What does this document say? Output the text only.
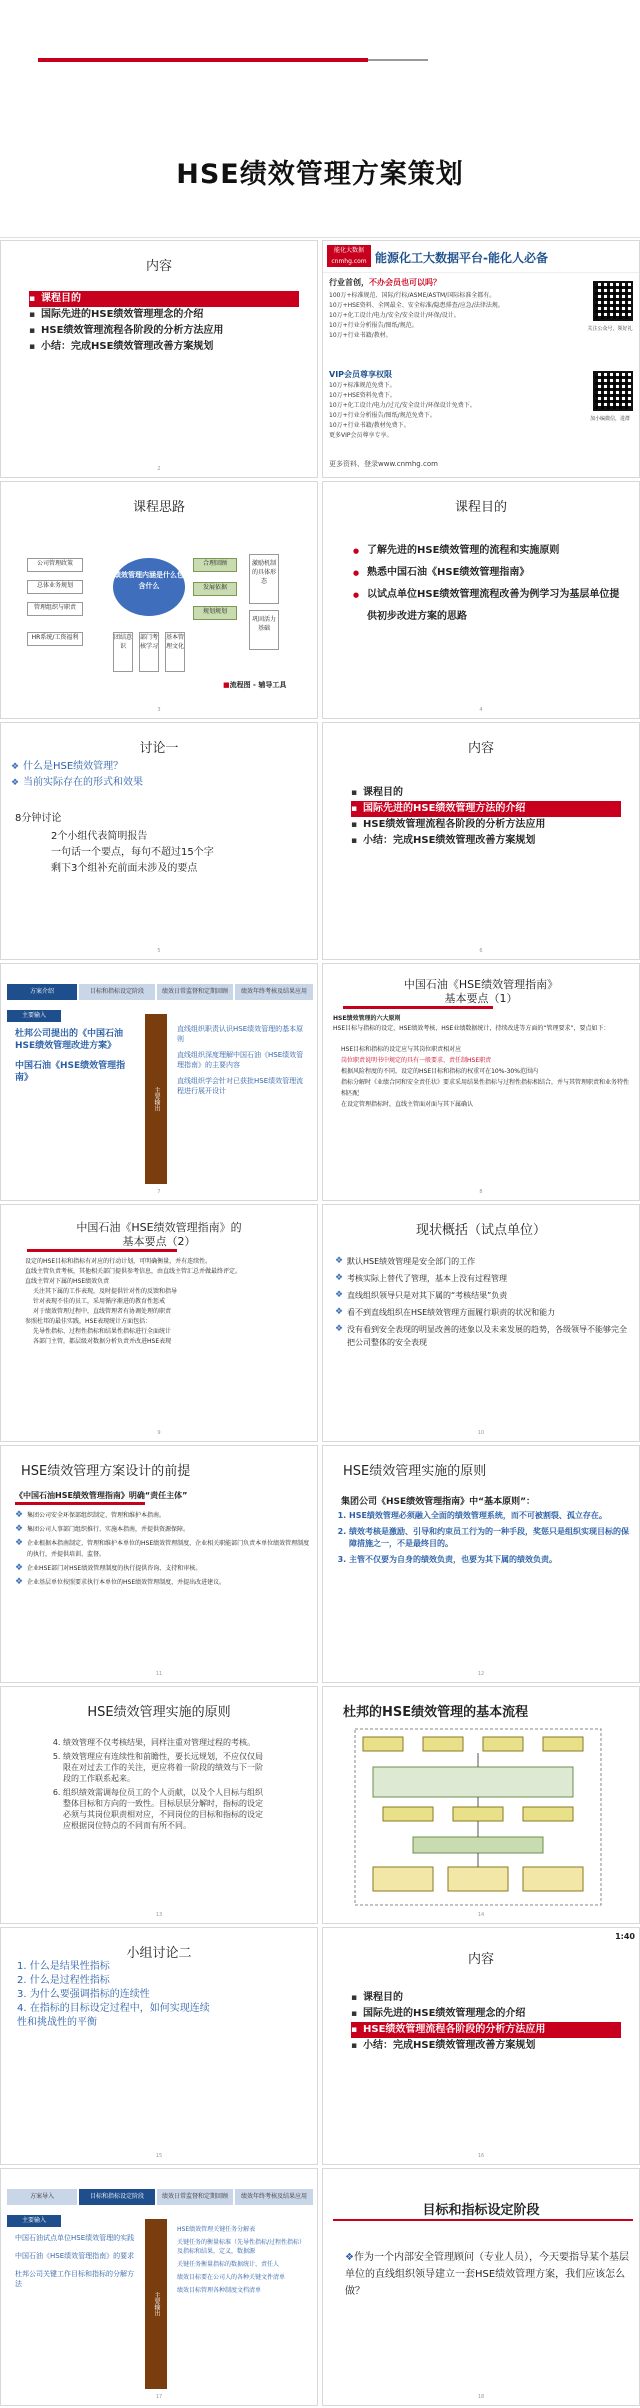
HSE绩效管理方案策划
内容
▪ 课程目的
▪ 国际先进的HSE绩效管理理念的介绍
▪ HSE绩效管理流程各阶段的分析方法应用
▪ 小结：完成HSE绩效管理改善方案规划
2
能化大数据
cnmhg.com 能源化工大数据平台-能化人必备
行业首创，不办会员也可以吗？
100万+标准规范、国际/行标/ASME/ASTM/国际标准全都有。
10万+HSE资料、全网最全、安全标准/隐患排查/应急/法律法规。
10万+化工设计/电力/安全/安全设计/环保/设计。
10万+行业分析报告/图纸/规范。
10万+行业书籍/教材。
关注公众号，领好礼
VIP会员尊享权限
10万+标准规范免费下。
10万+HSE资料免费下。
10万+化工设计/电力/过元/安全设计/环保设计免费下。
10万+行业分析报告/图纸/规范免费下。
10万+行业书籍/教材免费下。
更多VIP会员尊享专享。
加小编微信，进群
更多资料、登录www.cnmhg.com
课程思路
公司管理政策
总体业务规划
管理组织与职责
HR系统/工资福利
绩效管理内涵是什么包含什么
合理回顾
发展依据
规划规划
激励机制的具体形态
巩固活力基础
团结意识
部门考核学习
基本管理文化
■流程图 - 辅导工具
3
课程目的
● 了解先进的HSE绩效管理的流程和实施原则
● 熟悉中国石油《HSE绩效管理指南》
● 以试点单位HSE绩效管理流程改善为例学习为基层单位提供初步改进方案的思路
4
讨论一
❖ 什么是HSE绩效管理？
❖ 当前实际存在的形式和效果
8分钟讨论
2个小组代表简明报告
一句话一个要点，每句不超过15个字
剩下3个组补充前面未涉及的要点
5
内容
▪ 课程目的
▪ 国际先进的HSE绩效管理方法的介绍
▪ HSE绩效管理流程各阶段的分析方法应用
▪ 小结：完成HSE绩效管理改善方案规划
6
方案介绍	目标和指标设定阶段	绩效日常监督和定期回顾	绩效年终考核及结果应用
主要输入
主要输出
杜邦公司提出的《中国石油HSE绩效管理改进方案》
中国石油《HSE绩效管理指南》
直线组织职责认识HSE绩效管理的基本原则
直线组织深度理解中国石油《HSE绩效管理指南》的主要内容
直线组织学会针对已获批HSE绩效管理流程进行展开设计
7
中国石油《HSE绩效管理指南》
基本要点（1）
HSE绩效管理的六大原则
HSE目标与指标的设定，HSE绩效考核，HSE业绩数据统计，持续改进等方面的“管理要求”，要点如下：
HSE目标和指标的设定应与其岗位职责相对应
岗位职责说明书中规定的具有一般要求、责任制HSE职责
根据风险程度的不同，设定的HSE目标和指标的权重可在10%-30%范围内
指标分解时《业绩合同和安全责任状》要求采用结果性指标与过程性指标相结合，并与其管理职责和业务特性相匹配
在设定管理指标时，直线主管面对面与其下属确认
8
中国石油《HSE绩效管理指南》的
基本要点（2）
设定的HSE目标和指标有对应的行动计划，可明确衡量，并有连续性。
直线主管负责考核，其他相关部门提供参考信息，由直线主管汇总并做最终评定。
直线主管对下属的HSE绩效负责
关注其下属的工作表现，及时提供针对性的反馈和指导
针对表现不佳的员工，采用循序渐进的教育性惩戒
对于绩效管理过程中，直线管理者有协调处理的职责
参照杜邦的最佳实践，HSE表现统计方面包括：
先导性指标、过程性指标和结果性指标进行全面统计
各部门主管，都层级对数据分析负责并改进HSE表现
9
现状概括（试点单位）
❖ 默认HSE绩效管理是安全部门的工作
❖ 考核实际上替代了管理，基本上没有过程管理
❖ 直线组织领导只是对其下属的“考核结果”负责
❖ 看不到直线组织在HSE绩效管理方面履行职责的状况和能力
❖ 没有看到安全表现的明显改善的迹象以及未来发展的趋势，各级领导不能够完全把公司整体的安全表现
10
HSE绩效管理方案设计的前提
《中国石油HSE绩效管理指南》明确“责任主体”
❖ 集团公司安全环保部组织制定、管理和维护本指南。
❖ 集团公司人事部门组织推行、实施本指南，并提供资源保障。
❖ 企业根据本指南制定、管理和维护本单位的HSE绩效管理制度，企业相关职能部门负责本单位绩效管理制度的执行，并提供培训、监督。
❖ 企业HSE部门对HSE绩效管理制度的执行提供咨询、支持和审核。
❖ 企业基层单位按照要求执行本单位的HSE绩效管理制度，并提出改进建议。
11
HSE绩效管理实施的原则
集团公司《HSE绩效管理指南》中“基本原则”：
1. HSE绩效管理必须融入全面的绩效管理系统，而不可被割裂、孤立存在。
2. 绩效考核是激励、引导和约束员工行为的一种手段，奖惩只是组织实现目标的保障措施之一，不是最终目的。
3. 主管不仅要为自身的绩效负责，也要为其下属的绩效负责。
12
HSE绩效管理实施的原则
4. 绩效管理不仅考核结果，同样注重对管理过程的考核。
5. 绩效管理应有连续性和前瞻性，要长远规划，不应仅仅局限在对过去工作的关注，更应将着一阶段的绩效与下一阶段的工作联系起来。
6. 组织绩效需调每位员工的个人贡献，以及个人目标与组织整体目标和方向的一致性。目标层层分解时，指标的设定必须与其岗位职责相对应，不同岗位的目标和指标的设定应根据岗位特点的不同而有所不同。
13
杜邦的HSE绩效管理的基本流程
14
小组讨论二
1. 什么是结果性指标
2. 什么是过程性指标
3. 为什么要强调指标的连续性
4. 在指标的目标设定过程中，如何实现连续性和挑战性的平衡
15
1:40
内容
▪ 课程目的
▪ 国际先进的HSE绩效管理理念的介绍
▪ HSE绩效管理流程各阶段的分析方法应用
▪ 小结：完成HSE绩效管理改善方案规划
16
方案导入	目标和指标设定阶段	绩效日常监督和定期回顾	绩效年终考核及结果应用
主要输入
主要输出
中国石油试点单位HSE绩效管理的实践
中国石油《HSE绩效管理指南》的要求
杜邦公司关键工作目标和指标的分解方法
HSE绩效管理关键任务分解表
关键任务的衡量标准（先导性指标/过程性指标）及指标和结果，定义，数据源
关键任务衡量指标的数据统计、责任人
绩效目标要在公司人的各种关键文件清单
绩效目标管理各种制度文档清单
17
目标和指标设定阶段
❖作为一个内部安全管理顾问（专业人员），今天要指导某个基层单位的直线组织领导建立一套HSE绩效管理方案，我们应该怎么做？
18
